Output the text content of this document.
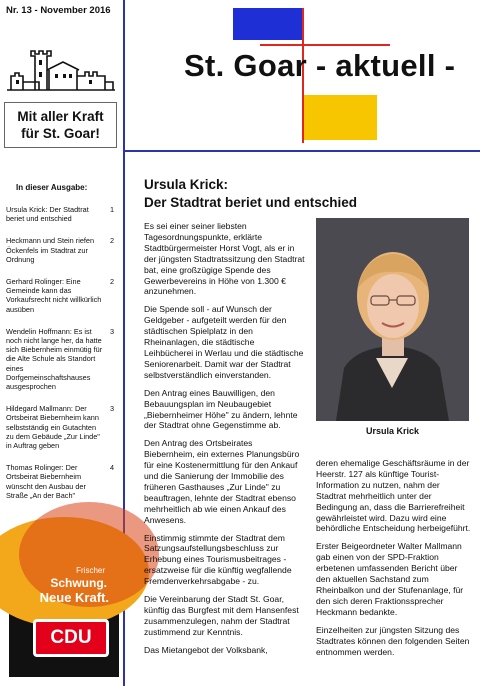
Nr. 13 - November 2016
St. Goar - aktuell -
Mit aller Kraft
für St. Goar!
In dieser Ausgabe:
Ursula Krick: Der Stadtrat beriet und entschied
1
Heckmann und Stein riefen Öckenfels im Stadtrat zur Ordnung
2
Gerhard Rolinger: Eine Gemeinde kann das Vorkaufsrecht nicht willkürlich ausüben
2
Wendelin Hoffmann: Es ist noch nicht lange her, da hatte sich Biebernheim einmütig für die Alte Schule als Standort eines Dorfgemeinschaftshauses ausgesprochen
3
Hildegard Mallmann: Der Ortsbeirat Biebernheim kann selbstständig ein Gutachten zu dem Gebäude „Zur Linde" in Auftrag geben
3
Thomas Rolinger: Der Ortsbeirat Biebernheim wünscht den Ausbau der Straße „An der Bach"
4
Frischer
Schwung.
Neue Kraft.
CDU
Ursula Krick:
Der Stadtrat beriet und entschied

Es sei einer seiner liebsten Tagesordnungspunkte, erklärte Stadtbürgermeister Horst Vogt, als er in der jüngsten Stadtratssitzung den Stadtrat bat, eine großzügige Spende des Gewerbevereins in Höhe von 1.300 € anzunehmen.

Die Spende soll - auf Wunsch der Geldgeber - aufgeteilt werden für den städtischen Spielplatz in den Rheinanlagen, die städtische Leihbücherei in Werlau und die städtische Seniorenarbeit. Damit war der Stadtrat selbstverständlich einverstanden.

Den Antrag eines Bauwilligen, den Bebauungsplan im Neubaugebiet „Biebernheimer Höhe" zu ändern, lehnte der Stadtrat ohne Gegenstimme ab.

Den Antrag des Ortsbeirates Biebernheim, ein externes Planungsbüro für eine Kostenermittlung für den Ankauf und die Sanierung der Immobilie des früheren Gasthauses „Zur Linde" zu beauftragen, lehnte der Stadtrat ebenso mehrheitlich ab wie einen Ankauf des Anwesens.

Einstimmig stimmte der Stadtrat dem Satzungsaufstellungsbeschluss zur Erhebung eines Tourismusbeitrages - ersatzweise für die künftig wegfallende Fremdenverkehrsabgabe - zu.

Die Vereinbarung der Stadt St. Goar, künftig das Burgfest mit dem Hansenfest zusammenzulegen, nahm der Stadtrat zustimmend zur Kenntnis.

Das Mietangebot der Volksbank,

Ursula Krick

deren ehemalige Geschäftsräume in der Heerstr. 127 als künftige Tourist-Information zu nutzen, nahm der Stadtrat mehrheitlich unter der Bedingung an, dass die Barrierefreiheit gewährleistet wird. Dazu wird eine behördliche Entscheidung herbeigeführt.

Erster Beigeordneter Walter Mallmann gab einen von der SPD-Fraktion erbetenen umfassenden Bericht über den aktuellen Sachstand zum Rheinbalkon und der Stufenanlage, für den sich deren Fraktionssprecher Heckmann bedankte.

Einzelheiten zur jüngsten Sitzung des Stadtrates können den folgenden Seiten entnommen werden.
